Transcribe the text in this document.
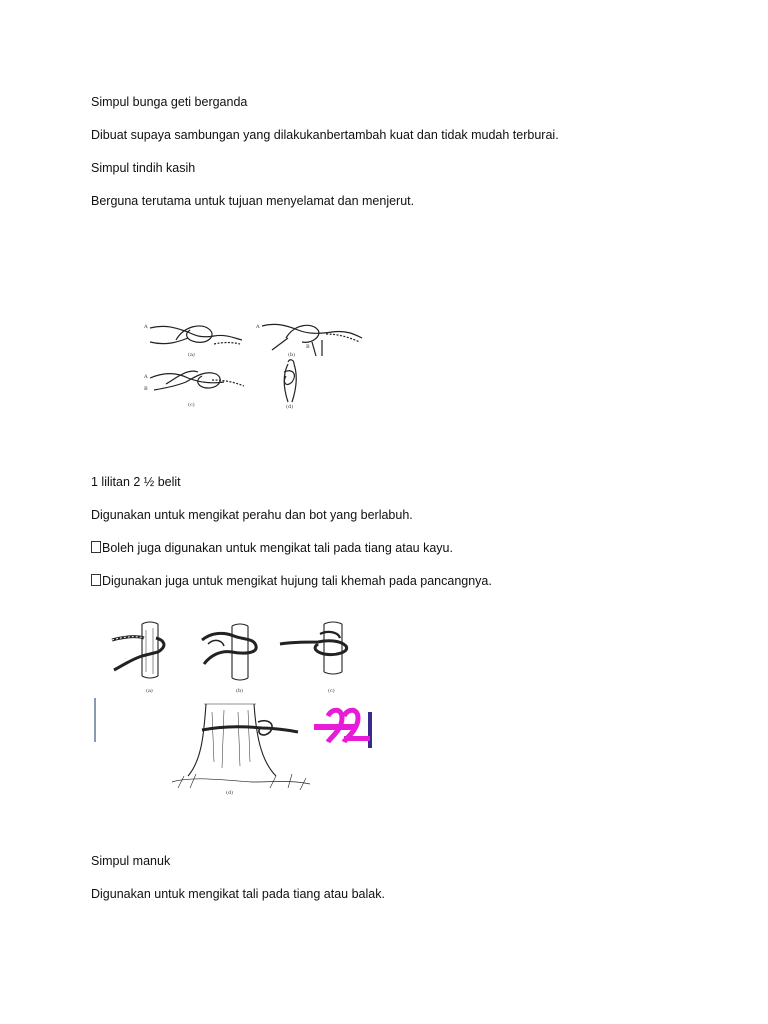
Simpul bunga geti berganda

Dibuat supaya sambungan yang dilakukanbertambah kuat dan tidak mudah terburai.

Simpul tindih kasih

Berguna terutama untuk tujuan menyelamat dan menjerut.

A	A
B
A
B
(a)	(b)
(c)	(d)

1 lilitan 2 ½ belit

Digunakan untuk mengikat perahu dan bot yang berlabuh.

Boleh juga digunakan untuk mengikat tali pada tiang atau kayu.

Digunakan juga untuk mengikat hujung tali khemah pada pancangnya.

(a)	(b)	(c)
(d)

Simpul manuk

Digunakan untuk mengikat tali pada tiang atau balak.
